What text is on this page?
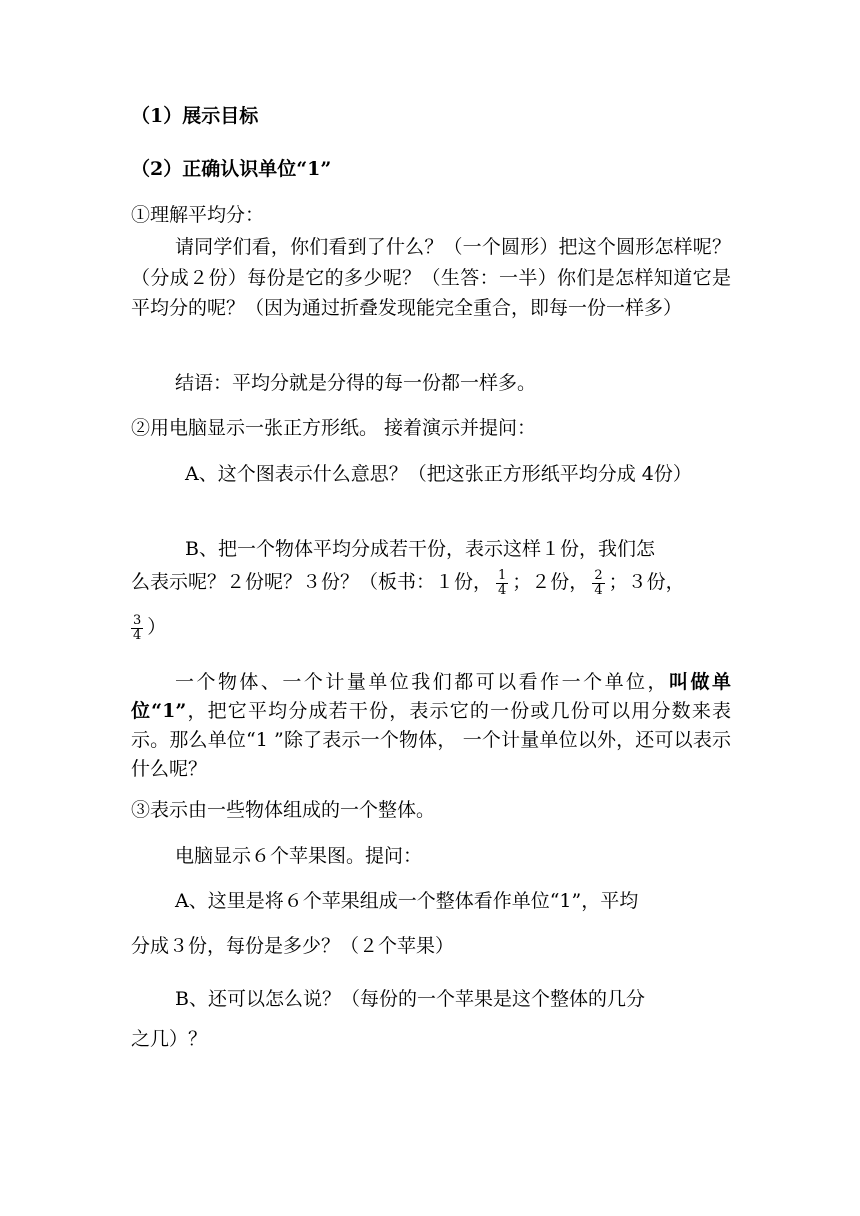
（1）展示目标
（2）正确认识单位“1”
①理解平均分：
请同学们看，你们看到了什么？（一个圆形）把这个圆形怎样呢？（分成２份）每份是它的多少呢？（生答：一半）你们是怎样知道它是平均分的呢？（因为通过折叠发现能完全重合，即每一份一样多）
结语：平均分就是分得的每一份都一样多。
②用电脑显示一张正方形纸。 接着演示并提问：
A、这个图表示什么意思？（把这张正方形纸平均分成 4份）
B、把一个物体平均分成若干份，表示这样１份，我们怎
么表示呢？２份呢？３份？（板书：１份， $\frac{1}{4}$ ；２份， $\frac{2}{4}$ ；３份，
$\frac{3}{4}$ ）
一个物体、一个计量单位我们都可以看作一个单位，叫做单位“1”，把它平均分成若干份，表示它的一份或几份可以用分数来表示。那么单位“1 ”除了表示一个物体， 一个计量单位以外，还可以表示什么呢？
③表示由一些物体组成的一个整体。
电脑显示６个苹果图。提问：
A、这里是将６个苹果组成一个整体看作单位“1”，平均
分成３份，每份是多少？（２个苹果）
B、还可以怎么说？（每份的一个苹果是这个整体的几分
之几）？
